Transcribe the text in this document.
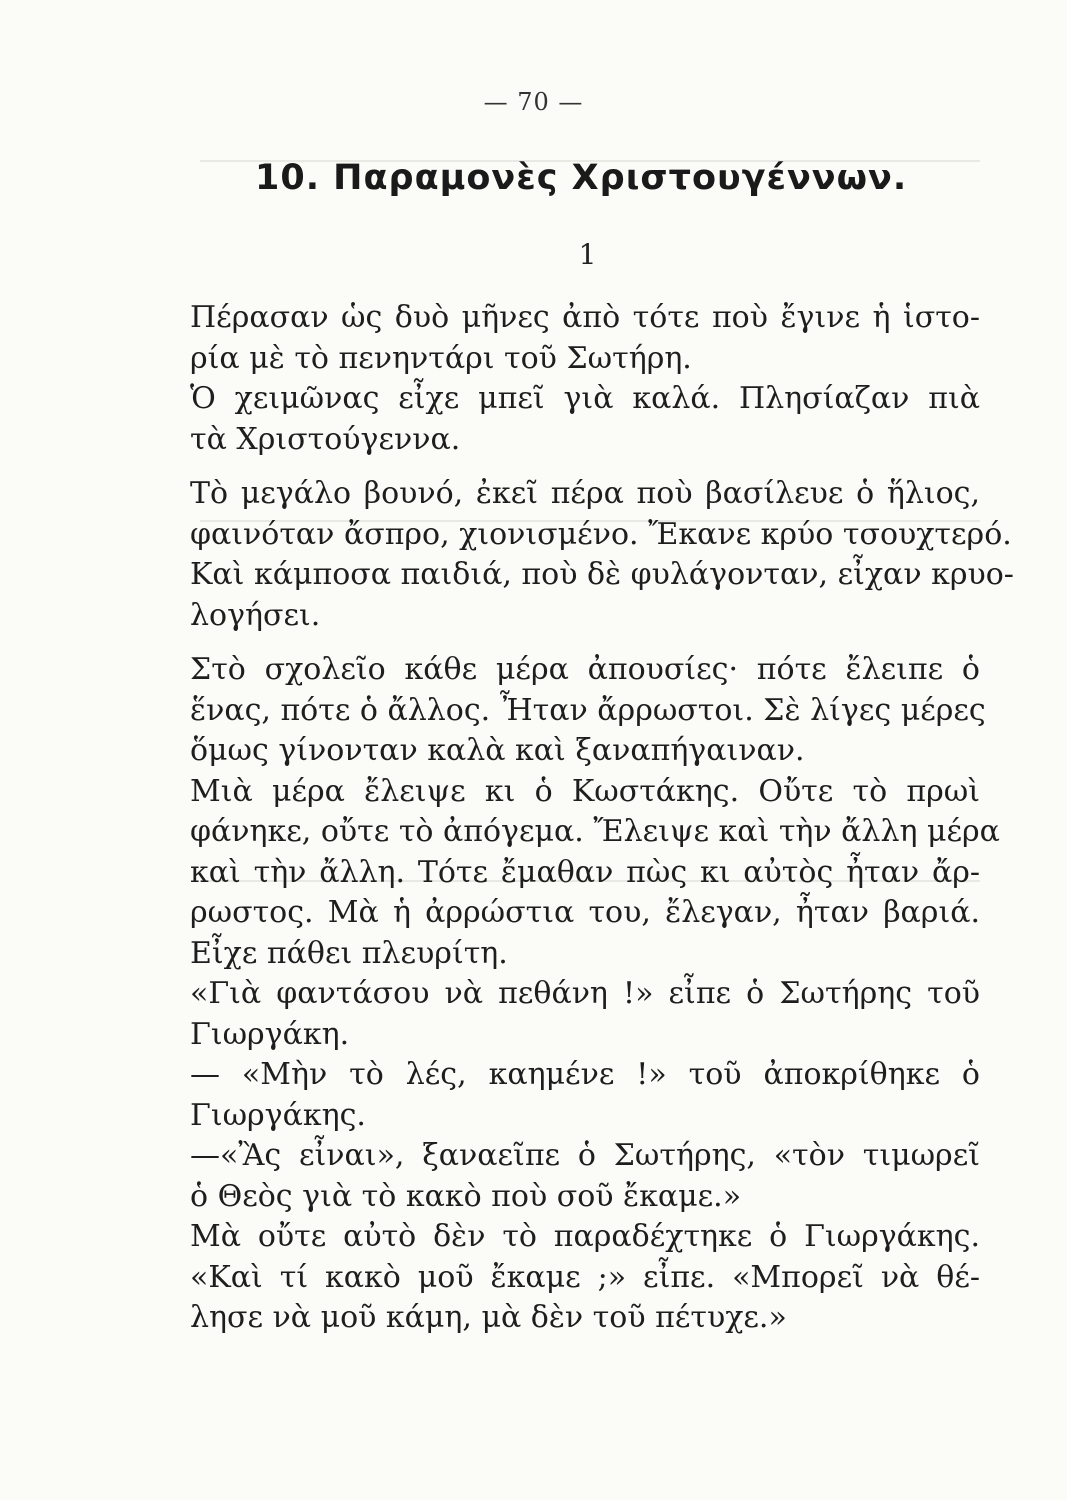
— 70 —
10. Παραμονὲς Χριστουγέννων.
1
Πέρασαν ὡς δυὸ μῆνες ἀπὸ τότε ποὺ ἔγινε ἡ ἱστο-
ρία μὲ τὸ πενηντάρι τοῦ Σωτήρη.
Ὁ χειμῶνας εἶχε μπεῖ γιὰ καλά. Πλησίαζαν πιὰ
τὰ Χριστούγεννα.
Τὸ μεγάλο βουνό, ἐκεῖ πέρα ποὺ βασίλευε ὁ ἥλιος,
φαινόταν ἄσπρο, χιονισμένο. Ἔκανε κρύο τσουχτερό.
Καὶ κάμποσα παιδιά, ποὺ δὲ φυλάγονταν, εἶχαν κρυο-
λογήσει.
Στὸ σχολεῖο κάθε μέρα ἀπουσίες· πότε ἔλειπε ὁ
ἕνας, πότε ὁ ἄλλος. Ἦταν ἄρρωστοι. Σὲ λίγες μέρες
ὅμως γίνονταν καλὰ καὶ ξαναπήγαιναν.
Μιὰ μέρα ἔλειψε κι ὁ Κωστάκης. Οὔτε τὸ πρωὶ
φάνηκε, οὔτε τὸ ἀπόγεμα. Ἔλειψε καὶ τὴν ἄλλη μέρα
καὶ τὴν ἄλλη. Τότε ἔμαθαν πὼς κι αὐτὸς ἦταν ἄρ-
ρωστος. Μὰ ἡ ἀρρώστια του, ἔλεγαν, ἦταν βαριά.
Εἶχε πάθει πλευρίτη.
«Γιὰ φαντάσου νὰ πεθάνη !» εἶπε ὁ Σωτήρης τοῦ
Γιωργάκη.
— «Μὴν τὸ λές, καημένε !» τοῦ ἀποκρίθηκε ὁ
Γιωργάκης.
—«Ἂς εἶναι», ξαναεῖπε ὁ Σωτήρης, «τὸν τιμωρεῖ
ὁ Θεὸς γιὰ τὸ κακὸ ποὺ σοῦ ἔκαμε.»
Μὰ οὔτε αὐτὸ δὲν τὸ παραδέχτηκε ὁ Γιωργάκης.
«Καὶ τί κακὸ μοῦ ἔκαμε ;» εἶπε. «Μπορεῖ νὰ θέ-
λησε νὰ μοῦ κάμη, μὰ δὲν τοῦ πέτυχε.»
